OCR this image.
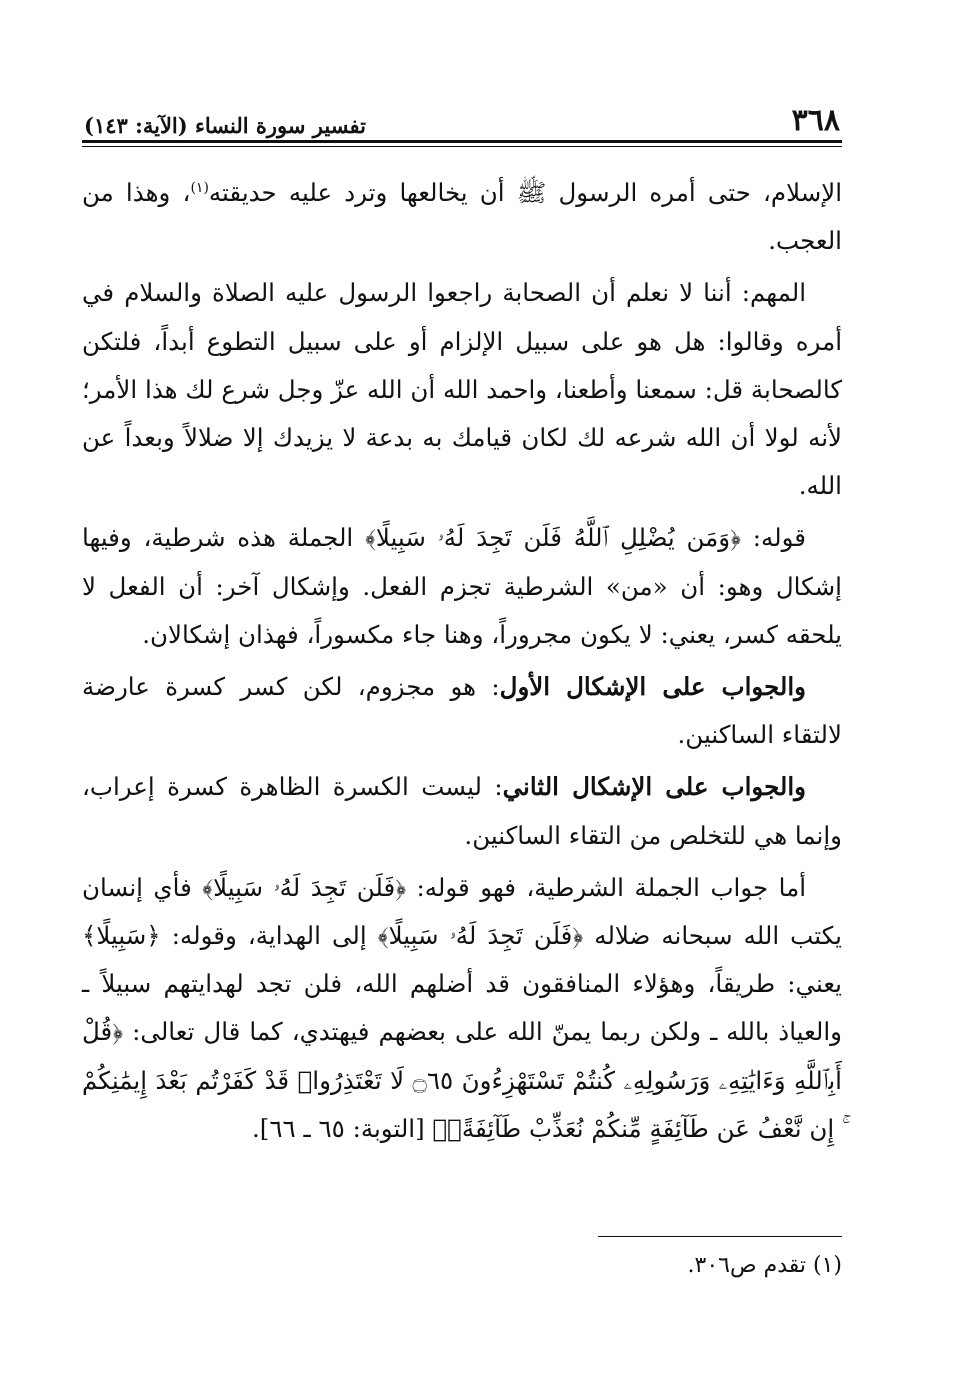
٣٦٨
تفسير سورة النساء (الآية: ١٤٣)

الإسلام، حتى أمره الرسول ﷺ أن يخالعها وترد عليه حديقته$^{(١)}$، وهذا من العجب.

المهم: أننا لا نعلم أن الصحابة راجعوا الرسول عليه الصلاة والسلام في أمره وقالوا: هل هو على سبيل الإلزام أو على سبيل التطوع أبداً، فلتكن كالصحابة قل: سمعنا وأطعنا، واحمد الله أن الله عزّ وجل شرع لك هذا الأمر؛ لأنه لولا أن الله شرعه لك لكان قيامك به بدعة لا يزيدك إلا ضلالاً وبعداً عن الله.

قوله: ﴿وَمَن يُضْلِلِ ٱللَّهُ فَلَن تَجِدَ لَهُۥ سَبِيلًا﴾ الجملة هذه شرطية، وفيها إشكال وهو: أن «من» الشرطية تجزم الفعل. وإشكال آخر: أن الفعل لا يلحقه كسر، يعني: لا يكون مجروراً، وهنا جاء مكسوراً، فهذان إشكالان.

والجواب على الإشكال الأول: هو مجزوم، لكن كسر كسرة عارضة لالتقاء الساكنين.

والجواب على الإشكال الثاني: ليست الكسرة الظاهرة كسرة إعراب، وإنما هي للتخلص من التقاء الساكنين.

أما جواب الجملة الشرطية، فهو قوله: ﴿فَلَن تَجِدَ لَهُۥ سَبِيلًا﴾ فأي إنسان يكتب الله سبحانه ضلاله ﴿فَلَن تَجِدَ لَهُۥ سَبِيلًا﴾ إلى الهداية، وقوله: ﴿سَبِيلًا﴾ يعني: طريقاً، وهؤلاء المنافقون قد أضلهم الله، فلن تجد لهدايتهم سبيلاً ـ والعياذ بالله ـ ولكن ربما يمنّ الله على بعضهم فيهتدي، كما قال تعالى: ﴿قُلْ أَبِٱللَّهِ وَءَايَٰتِهِۦ وَرَسُولِهِۦ كُنتُمْ تَسْتَهْزِءُونَ ۝٦٥ لَا تَعْتَذِرُوا۟ قَدْ كَفَرْتُم بَعْدَ إِيمَٰنِكُمْ ۚ إِن نَّعْفُ عَن طَآئِفَةٍ مِّنكُمْ نُعَذِّبْ طَآئِفَةًۢ﴾ [التوبة: ٦٥ ـ ٦٦].

(١) تقدم ص٣٠٦.
